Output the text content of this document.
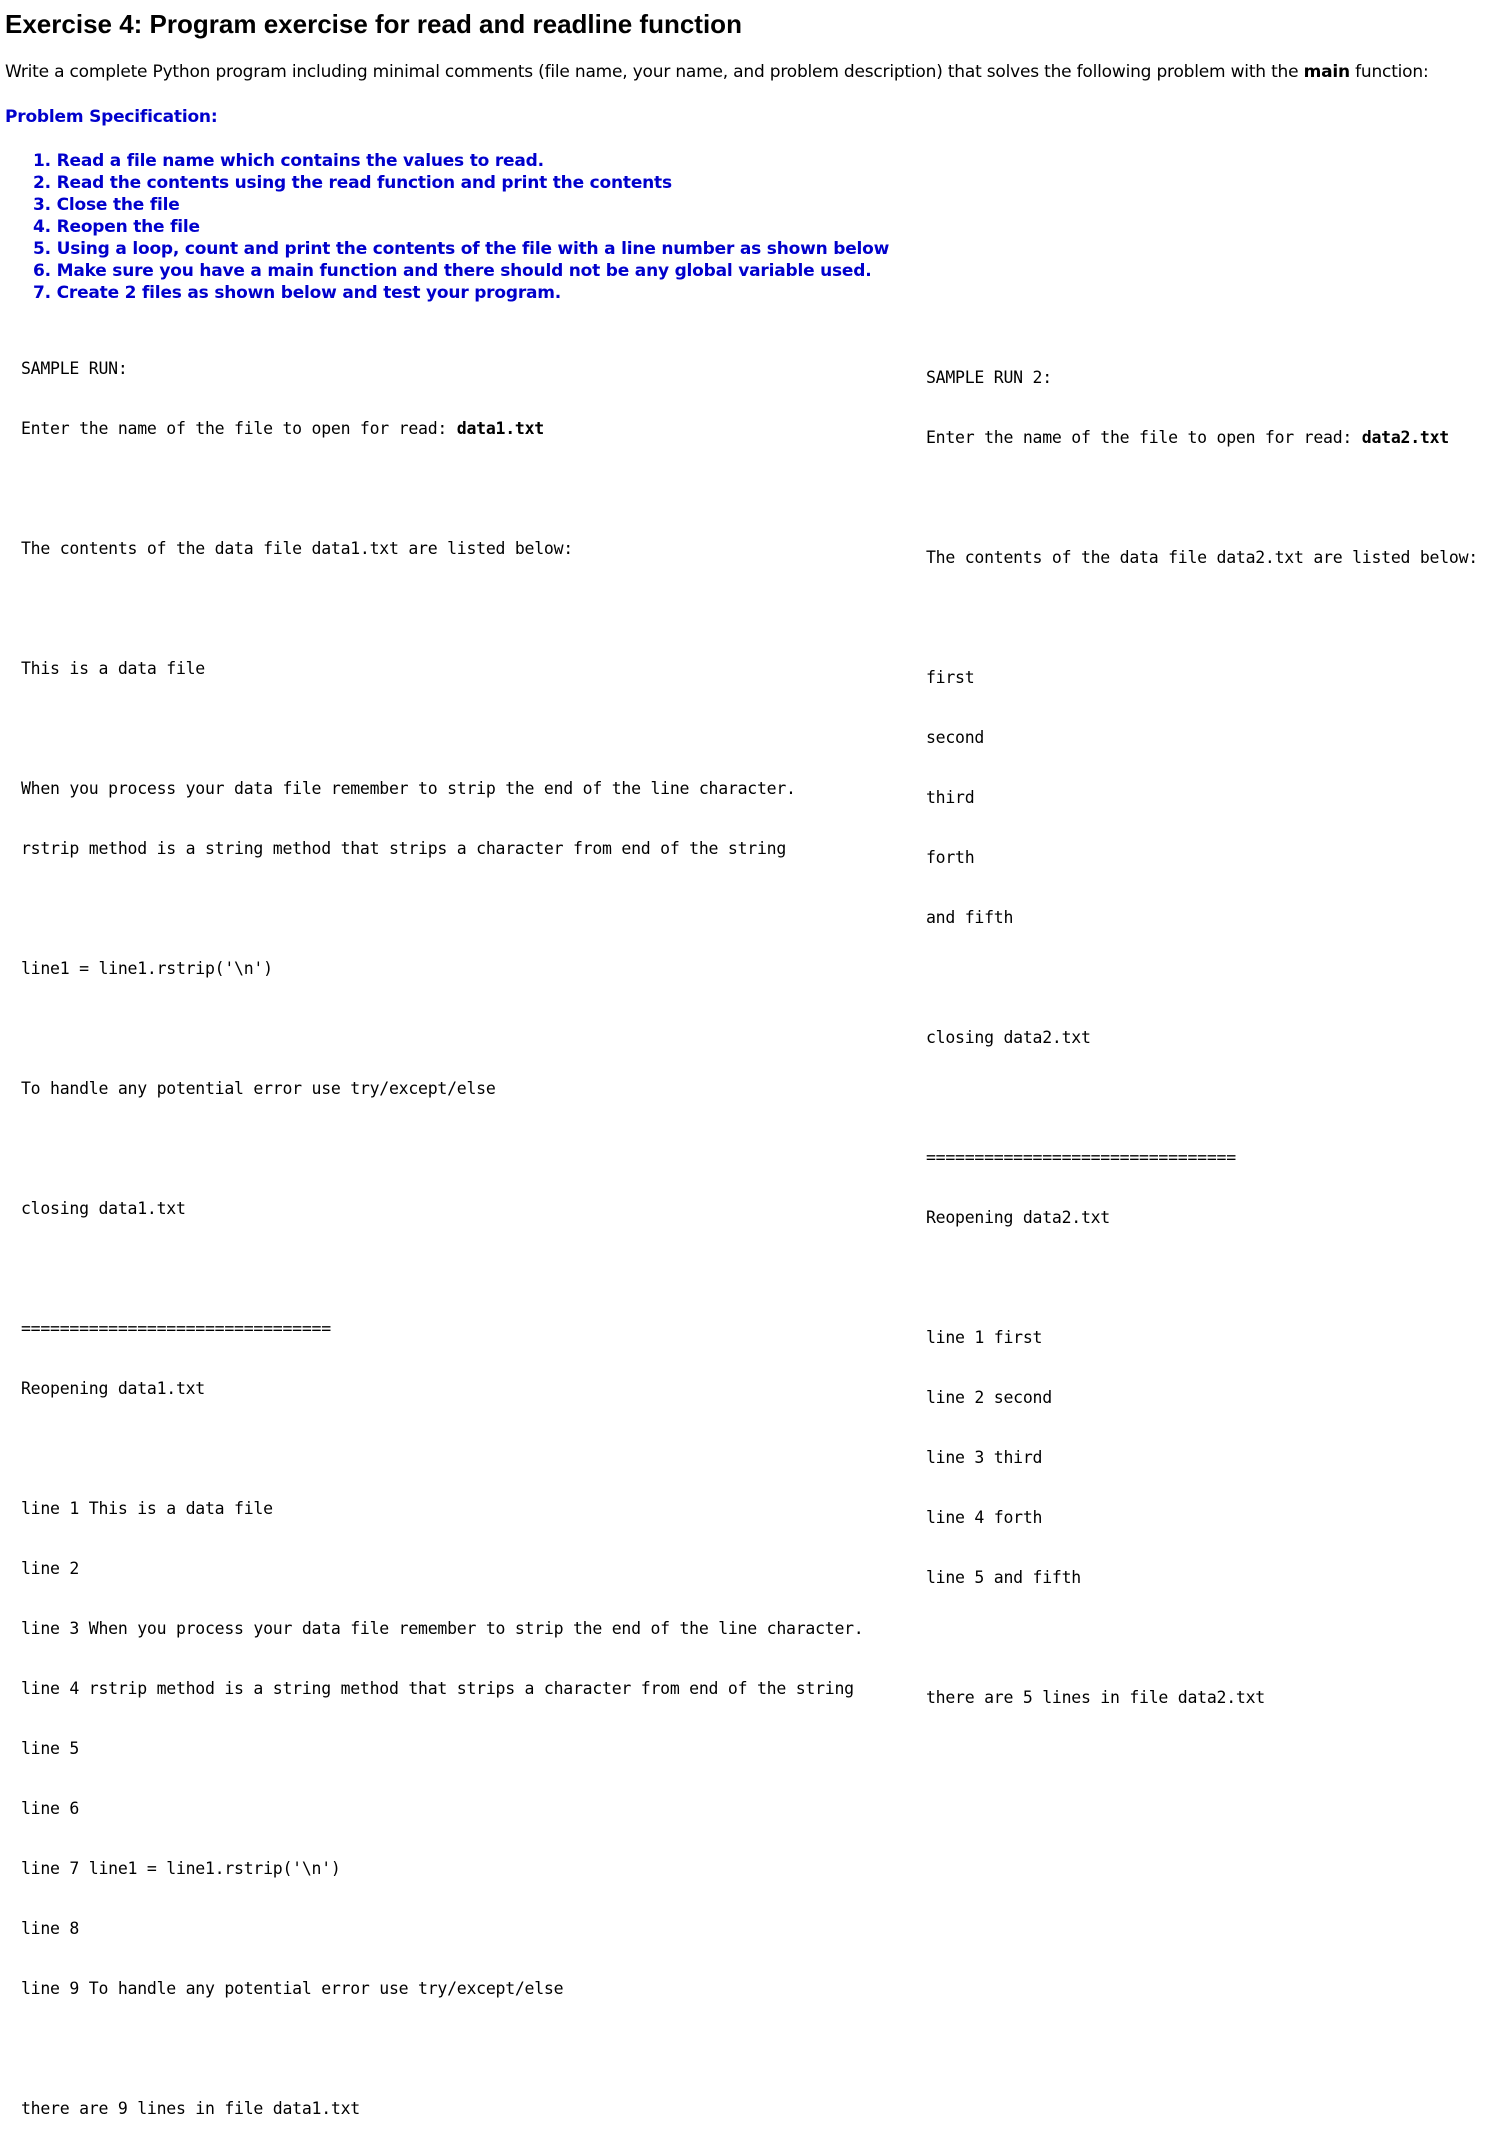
Exercise 4: Program exercise for read and readline function

Write a complete Python program including minimal comments (file name, your name, and problem description) that solves the following problem with the main function:

Problem Specification:

1. Read a file name which contains the values to read.
2. Read the contents using the read function and print the contents
3. Close the file
4. Reopen the file
5. Using a loop, count and print the contents of the file with a line number as shown below
6. Make sure you have a main function and there should not be any global variable used.
7. Create 2 files as shown below and test your program.

SAMPLE RUN:

Enter the name of the file to open for read: data1.txt

The contents of the data file data1.txt are listed below:

This is a data file

When you process your data file remember to strip the end of the line character.

rstrip method is a string method that strips a character from end of the string

line1 = line1.rstrip('\n')

To handle any potential error use try/except/else

closing data1.txt

================================

Reopening data1.txt

line 1 This is a data file

line 2

line 3 When you process your data file remember to strip the end of the line character.

line 4 rstrip method is a string method that strips a character from end of the string

line 5

line 6

line 7 line1 = line1.rstrip('\n')

line 8

line 9 To handle any potential error use try/except/else

there are 9 lines in file data1.txt

SAMPLE RUN 2:

Enter the name of the file to open for read: data2.txt

The contents of the data file data2.txt are listed below:

first

second

third

forth

and fifth

closing data2.txt

================================

Reopening data2.txt

line 1 first

line 2 second

line 3 third

line 4 forth

line 5 and fifth

there are 5 lines in file data2.txt
